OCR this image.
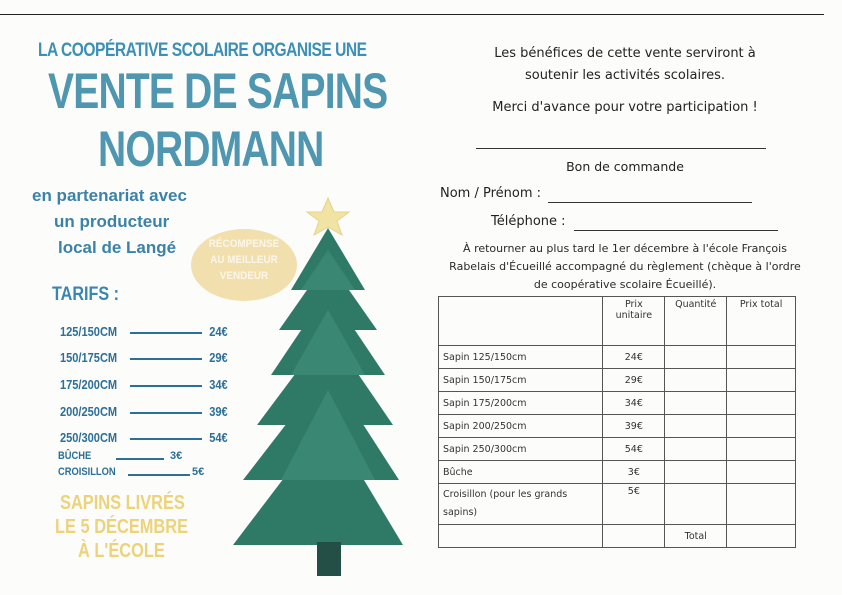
LA COOPÉRATIVE SCOLAIRE ORGANISE UNE
VENTE DE SAPINS
NORDMANN
en partenariat avec
un producteur
local de Langé	RÉCOMPENSE
AU MEILLEUR
VENDEUR
TARIFS :
125/150CM	24€
150/175CM	29€
175/200CM	34€
200/250CM	39€
250/300CM	54€
BÛCHE	3€
CROISILLON	5€
SAPINS LIVRÉS
LE 5 DÉCEMBRE
À L'ÉCOLE
Les bénéfices de cette vente serviront à
soutenir les activités scolaires.
Merci d'avance pour votre participation !
Bon de commande
Nom / Prénom :
Téléphone :
À retourner au plus tard le 1er décembre à l'école François
Rabelais d'Écueillé accompagné du règlement (chèque à l'ordre
de coopérative scolaire Écueillé).
	Prix unitaire	Quantité	Prix total
Sapin 125/150cm	24€		
Sapin 150/175cm	29€		
Sapin 175/200cm	34€		
Sapin 200/250cm	39€		
Sapin 250/300cm	54€		
Bûche	3€		
Croisillon (pour les grands sapins)	5€		
		Total	
